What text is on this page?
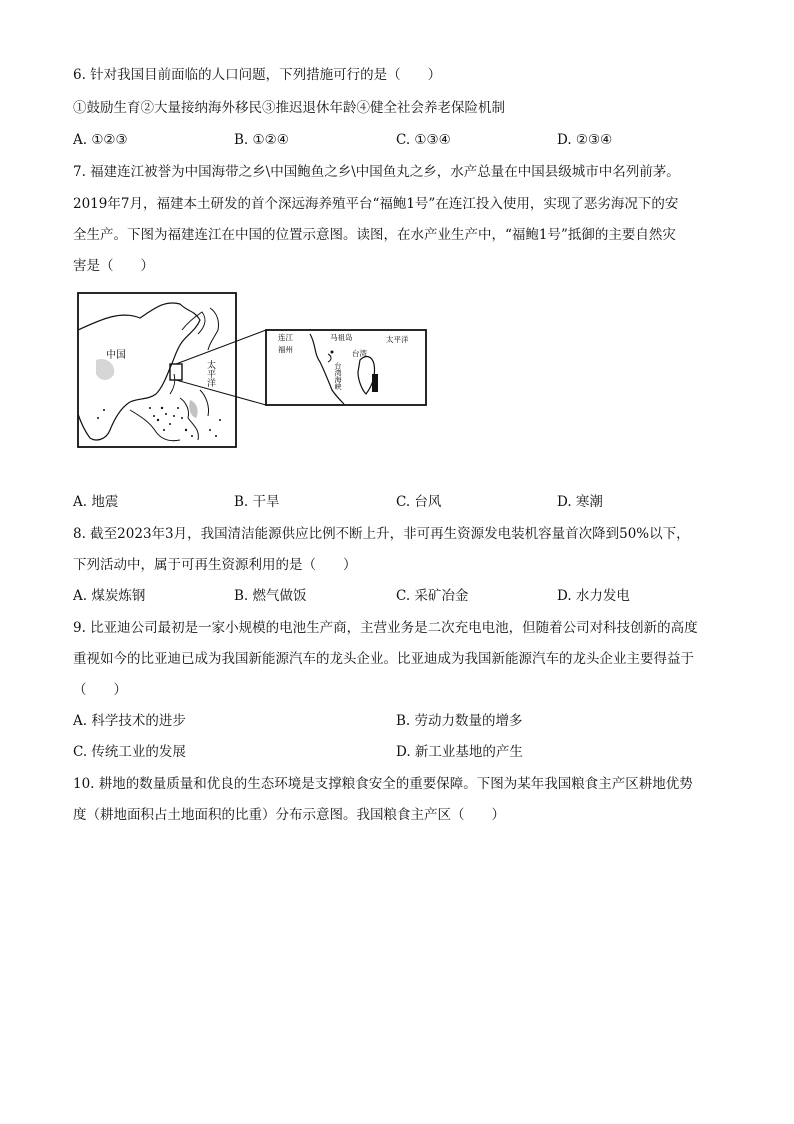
6. 针对我国目前面临的人口问题，下列措施可行的是（　　）
①鼓励生育②大量接纳海外移民③推迟退休年龄④健全社会养老保险机制
A. ①②③	B. ①②④	C. ①③④	D. ②③④
7. 福建连江被誉为中国海带之乡\中国鲍鱼之乡\中国鱼丸之乡，水产总量在中国县级城市中名列前茅。
2019年7月，福建本土研发的首个深远海养殖平台“福鲍1号”在连江投入使用，实现了恶劣海况下的安
全生产。下图为福建连江在中国的位置示意图。读图，在水产业生产中，“福鲍1号”抵御的主要自然灾
害是（　　）
中国
太平洋
连江
福州
马祖岛
台湾
台湾海峡
太平洋
A. 地震	B. 干旱	C. 台风	D. 寒潮
8. 截至2023年3月，我国清洁能源供应比例不断上升，非可再生资源发电装机容量首次降到50%以下，
下列活动中，属于可再生资源利用的是（　　）
A. 煤炭炼钢	B. 燃气做饭	C. 采矿冶金	D. 水力发电
9. 比亚迪公司最初是一家小规模的电池生产商，主营业务是二次充电电池，但随着公司对科技创新的高度
重视如今的比亚迪已成为我国新能源汽车的龙头企业。比亚迪成为我国新能源汽车的龙头企业主要得益于
（　　）
A. 科学技术的进步	B. 劳动力数量的增多
C. 传统工业的发展	D. 新工业基地的产生
10. 耕地的数量质量和优良的生态环境是支撑粮食安全的重要保障。下图为某年我国粮食主产区耕地优势
度（耕地面积占土地面积的比重）分布示意图。我国粮食主产区（　　）
